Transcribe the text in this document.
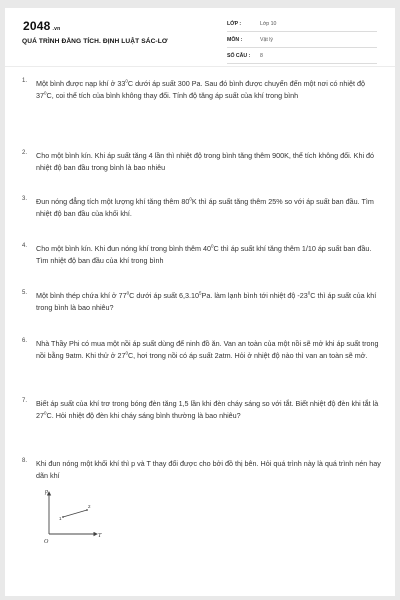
2048 .vn
QUÁ TRÌNH ĐẲNG TÍCH. ĐỊNH LUẬT SÁC-LƠ
LỚP :	Lớp 10
MÔN :	Vật lý
SỐ CÂU : 8
1. Một bình được nạp khí ở $33^0C$ dưới áp suất 300 Pa. Sau đó bình được chuyển đến một nơi có nhiệt độ $37^0C$, coi thể tích của bình không thay đổi. Tính độ tăng áp suất của khí trong bình
2. Cho một bình kín. Khi áp suất tăng 4 lần thì nhiệt độ trong bình tăng thêm 900K, thể tích không đổi. Khi đó nhiệt độ ban đầu trong bình là bao nhiêu
3. Đun nóng đẳng tích một lượng khí tăng thêm $80^0K$ thì áp suất tăng thêm 25% so với áp suất ban đầu. Tìm nhiệt độ ban đầu của khối khí.
4. Cho một bình kín. Khi đun nóng khí trong bình thêm $40^0C$ thì áp suất khí tăng thêm 1/10 áp suất ban đầu. Tìm nhiệt độ ban đầu của khí trong bình
5. Một bình thép chứa khí ở $77^0C$ dưới áp suất 6,3.10$^5$Pa. làm lạnh bình tới nhiệt độ $-23^0C$ thì áp suất của khí trong bình là bao nhiêu?
6. Nhà Thầy Phi có mua một nồi áp suất dùng để ninh đồ ăn. Van an toàn của một nồi sẽ mở khi áp suất trong nồi bằng 9atm. Khi thử ở $27^0C$, hơi trong nồi có áp suất 2atm. Hỏi ở nhiệt độ nào thì van an toàn sẽ mở.
7. Biết áp suất của khí trơ trong bóng đèn tăng 1,5 lần khi đèn cháy sáng so với tắt. Biết nhiệt độ đèn khi tắt là $27^0C$. Hỏi nhiệt độ đèn khi cháy sáng bình thường là bao nhiêu?
8. Khi đun nóng một khối khí thì p và T thay đổi được cho bởi đồ thị bên. Hỏi quá trình này là quá trình nén hay dãn khí
p
T
O
1
2
